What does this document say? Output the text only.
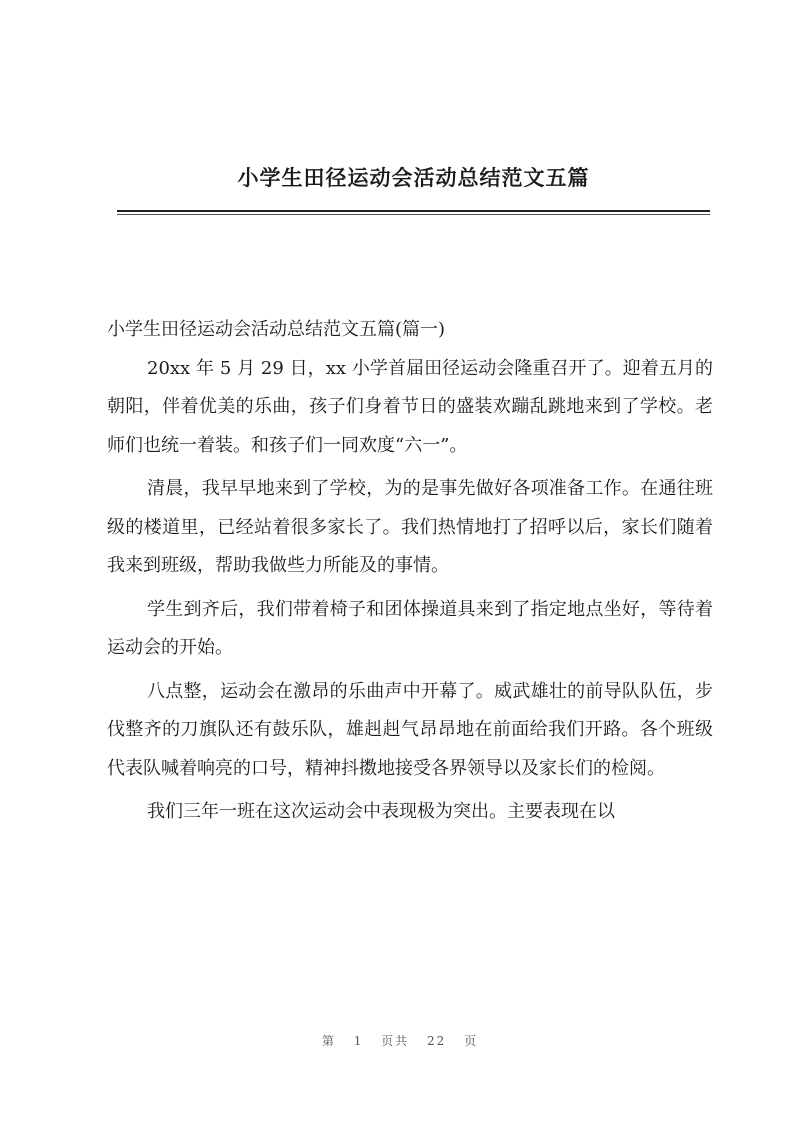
小学生田径运动会活动总结范文五篇

小学生田径运动会活动总结范文五篇(篇一)

20xx 年 5 月 29 日，xx 小学首届田径运动会隆重召开了。迎着五月的朝阳，伴着优美的乐曲，孩子们身着节日的盛装欢蹦乱跳地来到了学校。老师们也统一着装。和孩子们一同欢度“六一”。

清晨，我早早地来到了学校，为的是事先做好各项准备工作。在通往班级的楼道里，已经站着很多家长了。我们热情地打了招呼以后，家长们随着我来到班级，帮助我做些力所能及的事情。

学生到齐后，我们带着椅子和团体操道具来到了指定地点坐好，等待着运动会的开始。

八点整，运动会在激昂的乐曲声中开幕了。威武雄壮的前导队队伍，步伐整齐的刀旗队还有鼓乐队，雄赳赳气昂昂地在前面给我们开路。各个班级代表队喊着响亮的口号，精神抖擞地接受各界领导以及家长们的检阅。

我们三年一班在这次运动会中表现极为突出。主要表现在以

第 1 页共 22 页
